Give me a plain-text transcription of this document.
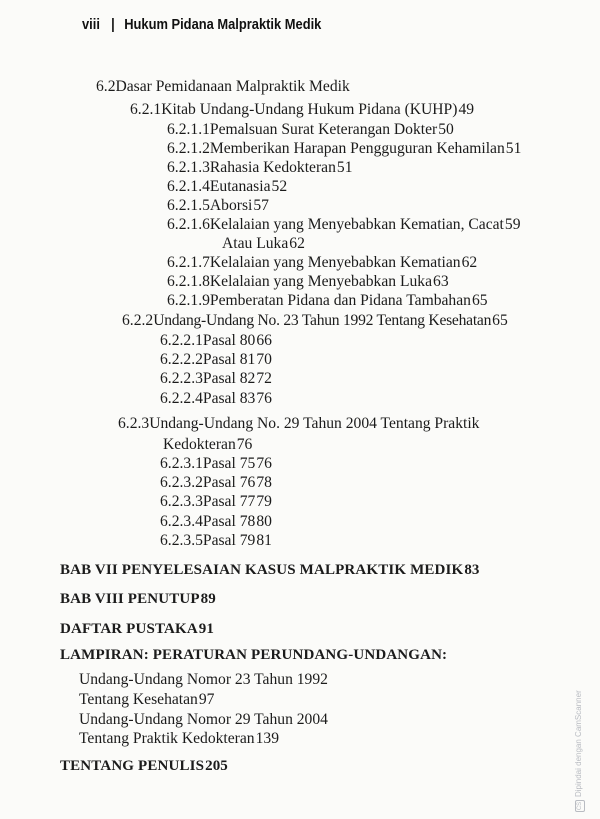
viii | Hukum Pidana Malpraktik Medik
6.2 Dasar Pemidanaan Malpraktik Medik
6.2.1 Kitab Undang-Undang Hukum Pidana (KUHP) 49
6.2.1.1 Pemalsuan Surat Keterangan Dokter 50
6.2.1.2 Memberikan Harapan Pengguguran Kehamilan 51
6.2.1.3 Rahasia Kedokteran 51
6.2.1.4 Eutanasia 52
6.2.1.5 Aborsi 57
6.2.1.6 Kelalaian yang Menyebabkan Kematian, Cacat 59
Atau Luka 62
6.2.1.7 Kelalaian yang Menyebabkan Kematian 62
6.2.1.8 Kelalaian yang Menyebabkan Luka 63
6.2.1.9 Pemberatan Pidana dan Pidana Tambahan 65
6.2.2 Undang-Undang No. 23 Tahun 1992 Tentang Kesehatan 65
6.2.2.1 Pasal 80 66
6.2.2.2 Pasal 81 70
6.2.2.3 Pasal 82 72
6.2.2.4 Pasal 83 76
6.2.3 Undang-Undang No. 29 Tahun 2004 Tentang Praktik
Kedokteran 76
6.2.3.1 Pasal 75 76
6.2.3.2 Pasal 76 78
6.2.3.3 Pasal 77 79
6.2.3.4 Pasal 78 80
6.2.3.5 Pasal 79 81
BAB VII PENYELESAIAN KASUS MALPRAKTIK MEDIK 83
BAB VIII PENUTUP 89
DAFTAR PUSTAKA 91
LAMPIRAN: PERATURAN PERUNDANG-UNDANGAN:
Undang-Undang Nomor 23 Tahun 1992
Tentang Kesehatan 97
Undang-Undang Nomor 29 Tahun 2004
Tentang Praktik Kedokteran 139
TENTANG PENULIS 205
CSDipindai dengan CamScanner
